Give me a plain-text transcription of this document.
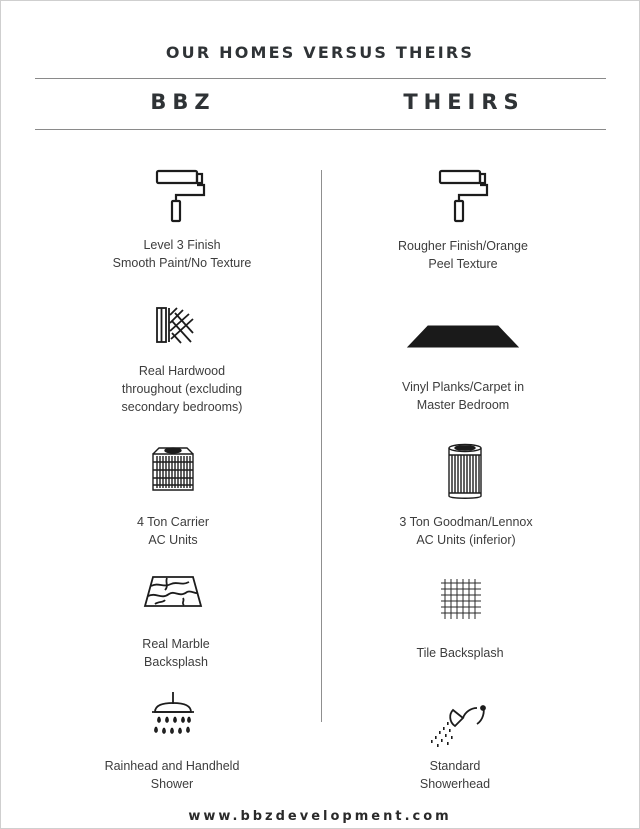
OUR HOMES VERSUS THEIRS
BBZ	THEIRS
Level 3 Finish
Smooth Paint/No Texture
Real Hardwood
throughout (excluding
secondary bedrooms)
4 Ton Carrier
AC Units
Real Marble
Backsplash
Rainhead and Handheld
Shower
Rougher Finish/Orange
Peel Texture
Vinyl Planks/Carpet in
Master Bedroom
3 Ton Goodman/Lennox
AC Units (inferior)
Tile Backsplash
Standard
Showerhead
www.bbzdevelopment.com
